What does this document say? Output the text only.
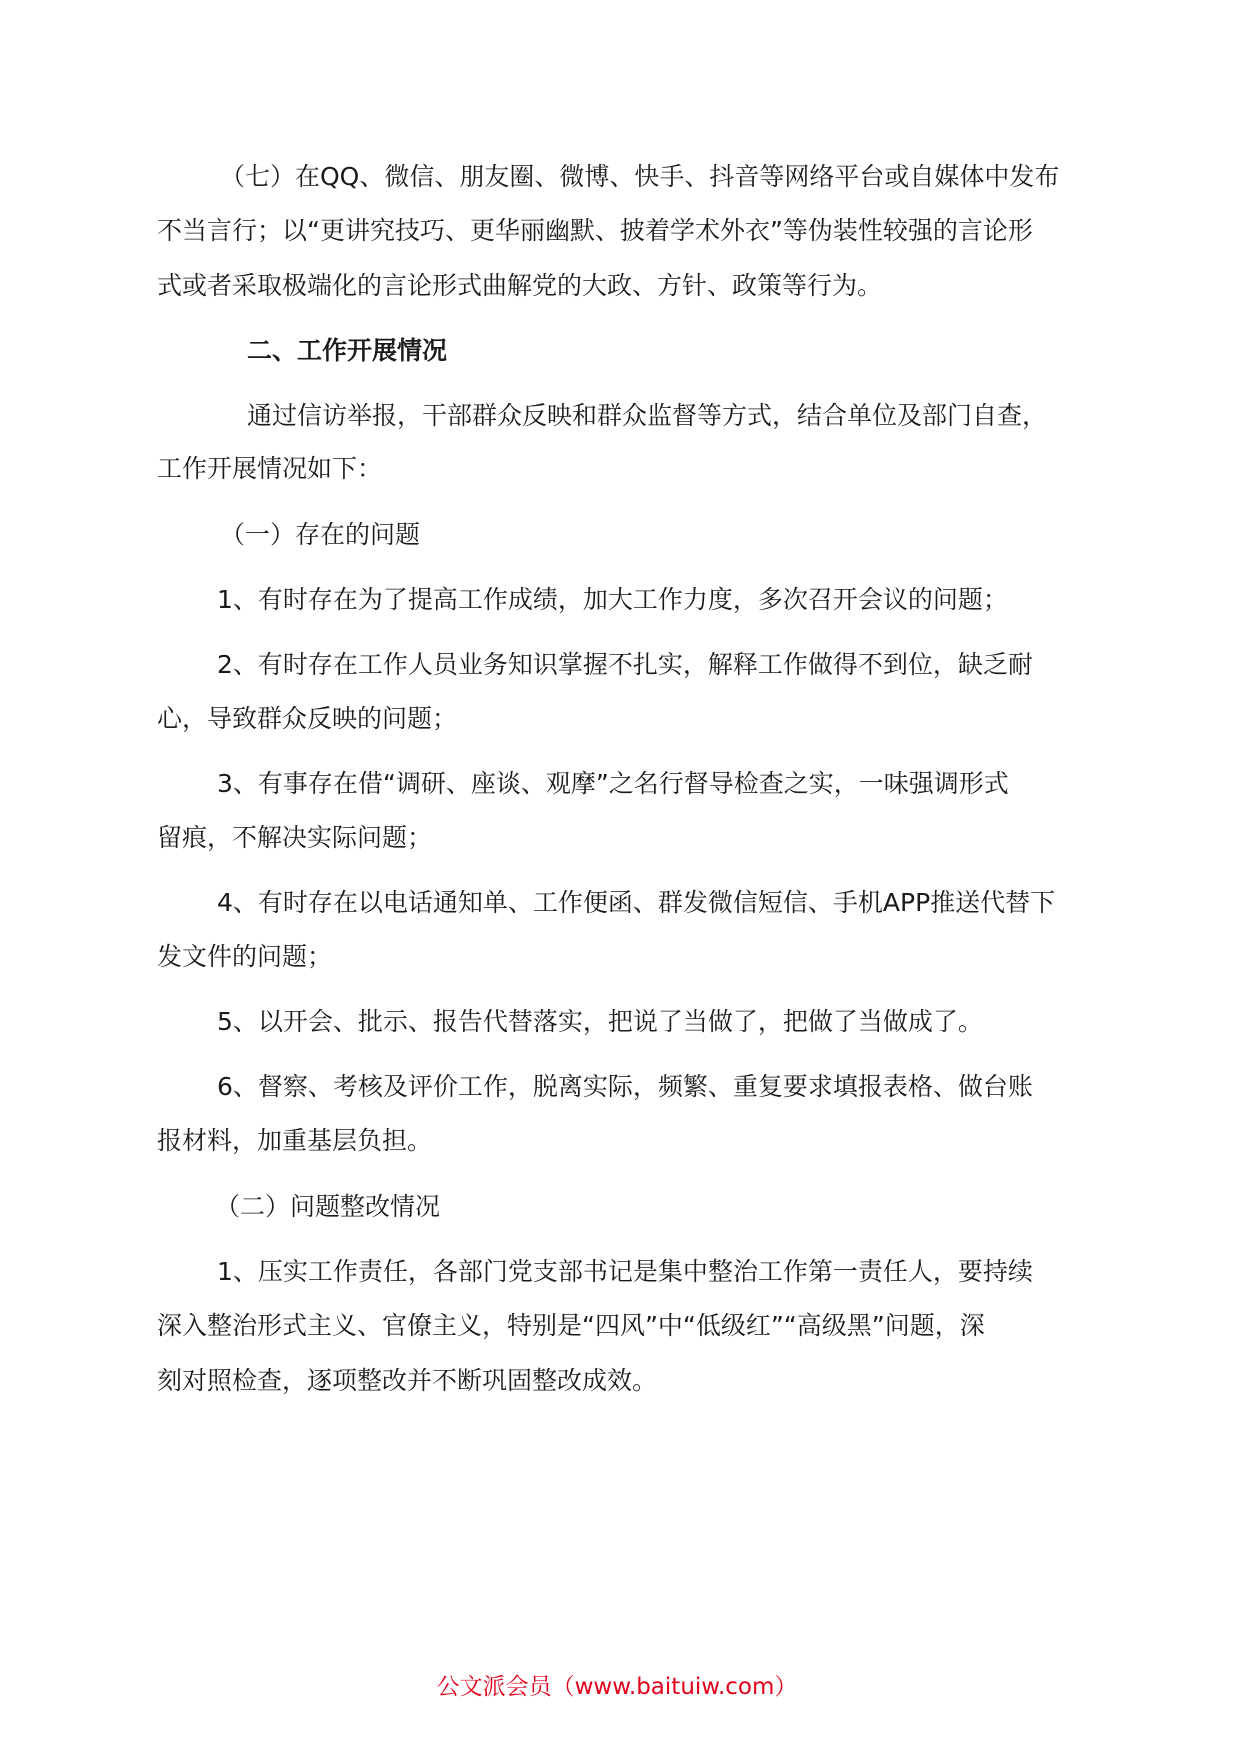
（七）在QQ、微信、朋友圈、微博、快手、抖音等网络平台或自媒体中发布
不当言行；以“更讲究技巧、更华丽幽默、披着学术外衣”等伪装性较强的言论形
式或者采取极端化的言论形式曲解党的大政、方针、政策等行为。
二、工作开展情况
通过信访举报，干部群众反映和群众监督等方式，结合单位及部门自查，
工作开展情况如下：
（一）存在的问题
1、有时存在为了提高工作成绩，加大工作力度，多次召开会议的问题；
2、有时存在工作人员业务知识掌握不扎实，解释工作做得不到位，缺乏耐
心，导致群众反映的问题；
3、有事存在借“调研、座谈、观摩”之名行督导检查之实，一味强调形式
留痕，不解决实际问题；
4、有时存在以电话通知单、工作便函、群发微信短信、手机APP推送代替下
发文件的问题；
5、以开会、批示、报告代替落实，把说了当做了，把做了当做成了。
6、督察、考核及评价工作，脱离实际，频繁、重复要求填报表格、做台账
报材料，加重基层负担。
（二）问题整改情况
1、压实工作责任，各部门党支部书记是集中整治工作第一责任人，要持续
深入整治形式主义、官僚主义，特别是“四风”中“低级红”“高级黑”问题，深
刻对照检查，逐项整改并不断巩固整改成效。
公文派会员（www.baituiw.com）
